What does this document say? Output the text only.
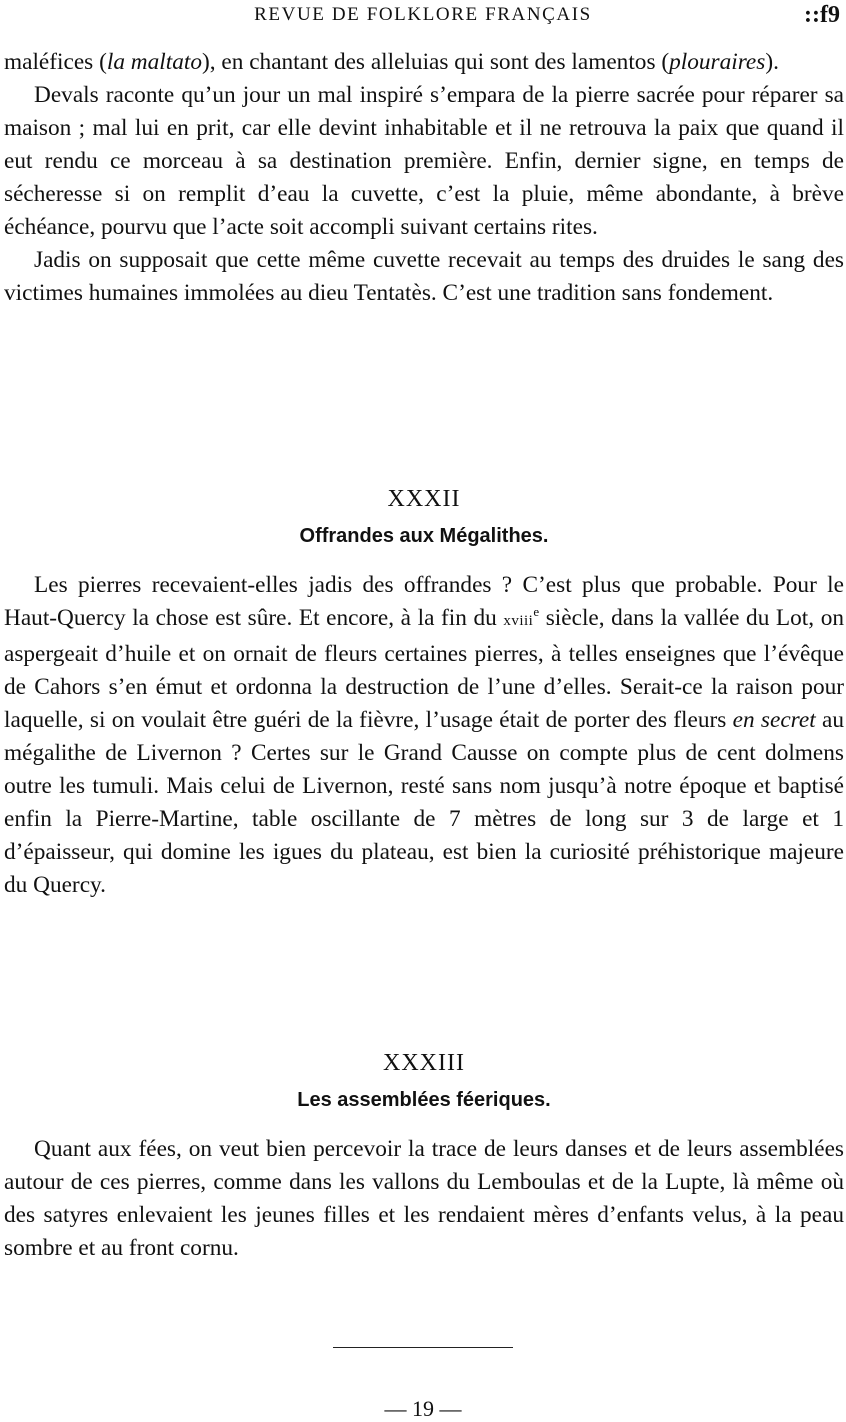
REVUE DE FOLKLORE FRANÇAIS	::f9

maléfices (la maltato), en chantant des alleluias qui sont des lamentos (plouraires).

Devals raconte qu’un jour un mal inspiré s’empara de la pierre sacrée pour réparer sa maison ; mal lui en prit, car elle devint inhabitable et il ne retrouva la paix que quand il eut rendu ce morceau à sa destination première. Enfin, dernier signe, en temps de sécheresse si on remplit d’eau la cuvette, c’est la pluie, même abondante, à brève échéance, pourvu que l’acte soit accompli suivant certains rites.

Jadis on supposait que cette même cuvette recevait au temps des druides le sang des victimes humaines immolées au dieu Tentatès. C’est une tradition sans fondement.

XXXII
Offrandes aux Mégalithes.

Les pierres recevaient-elles jadis des offrandes ? C’est plus que probable. Pour le Haut-Quercy la chose est sûre. Et encore, à la fin du xviii$^e$ siècle, dans la vallée du Lot, on aspergeait d’huile et on ornait de fleurs certaines pierres, à telles enseignes que l’évêque de Cahors s’en émut et ordonna la destruction de l’une d’elles. Serait-ce la raison pour laquelle, si on voulait être guéri de la fièvre, l’usage était de porter des fleurs en secret au mégalithe de Livernon ? Certes sur le Grand Causse on compte plus de cent dolmens outre les tumuli. Mais celui de Livernon, resté sans nom jusqu’à notre époque et baptisé enfin la Pierre-Martine, table oscillante de 7 mètres de long sur 3 de large et 1 d’épaisseur, qui domine les igues du plateau, est bien la curiosité préhistorique majeure du Quercy.

XXXIII
Les assemblées féeriques.

Quant aux fées, on veut bien percevoir la trace de leurs danses et de leurs assemblées autour de ces pierres, comme dans les vallons du Lemboulas et de la Lupte, là même où des satyres enlevaient les jeunes filles et les rendaient mères d’enfants velus, à la peau sombre et au front cornu.

— 19 —
